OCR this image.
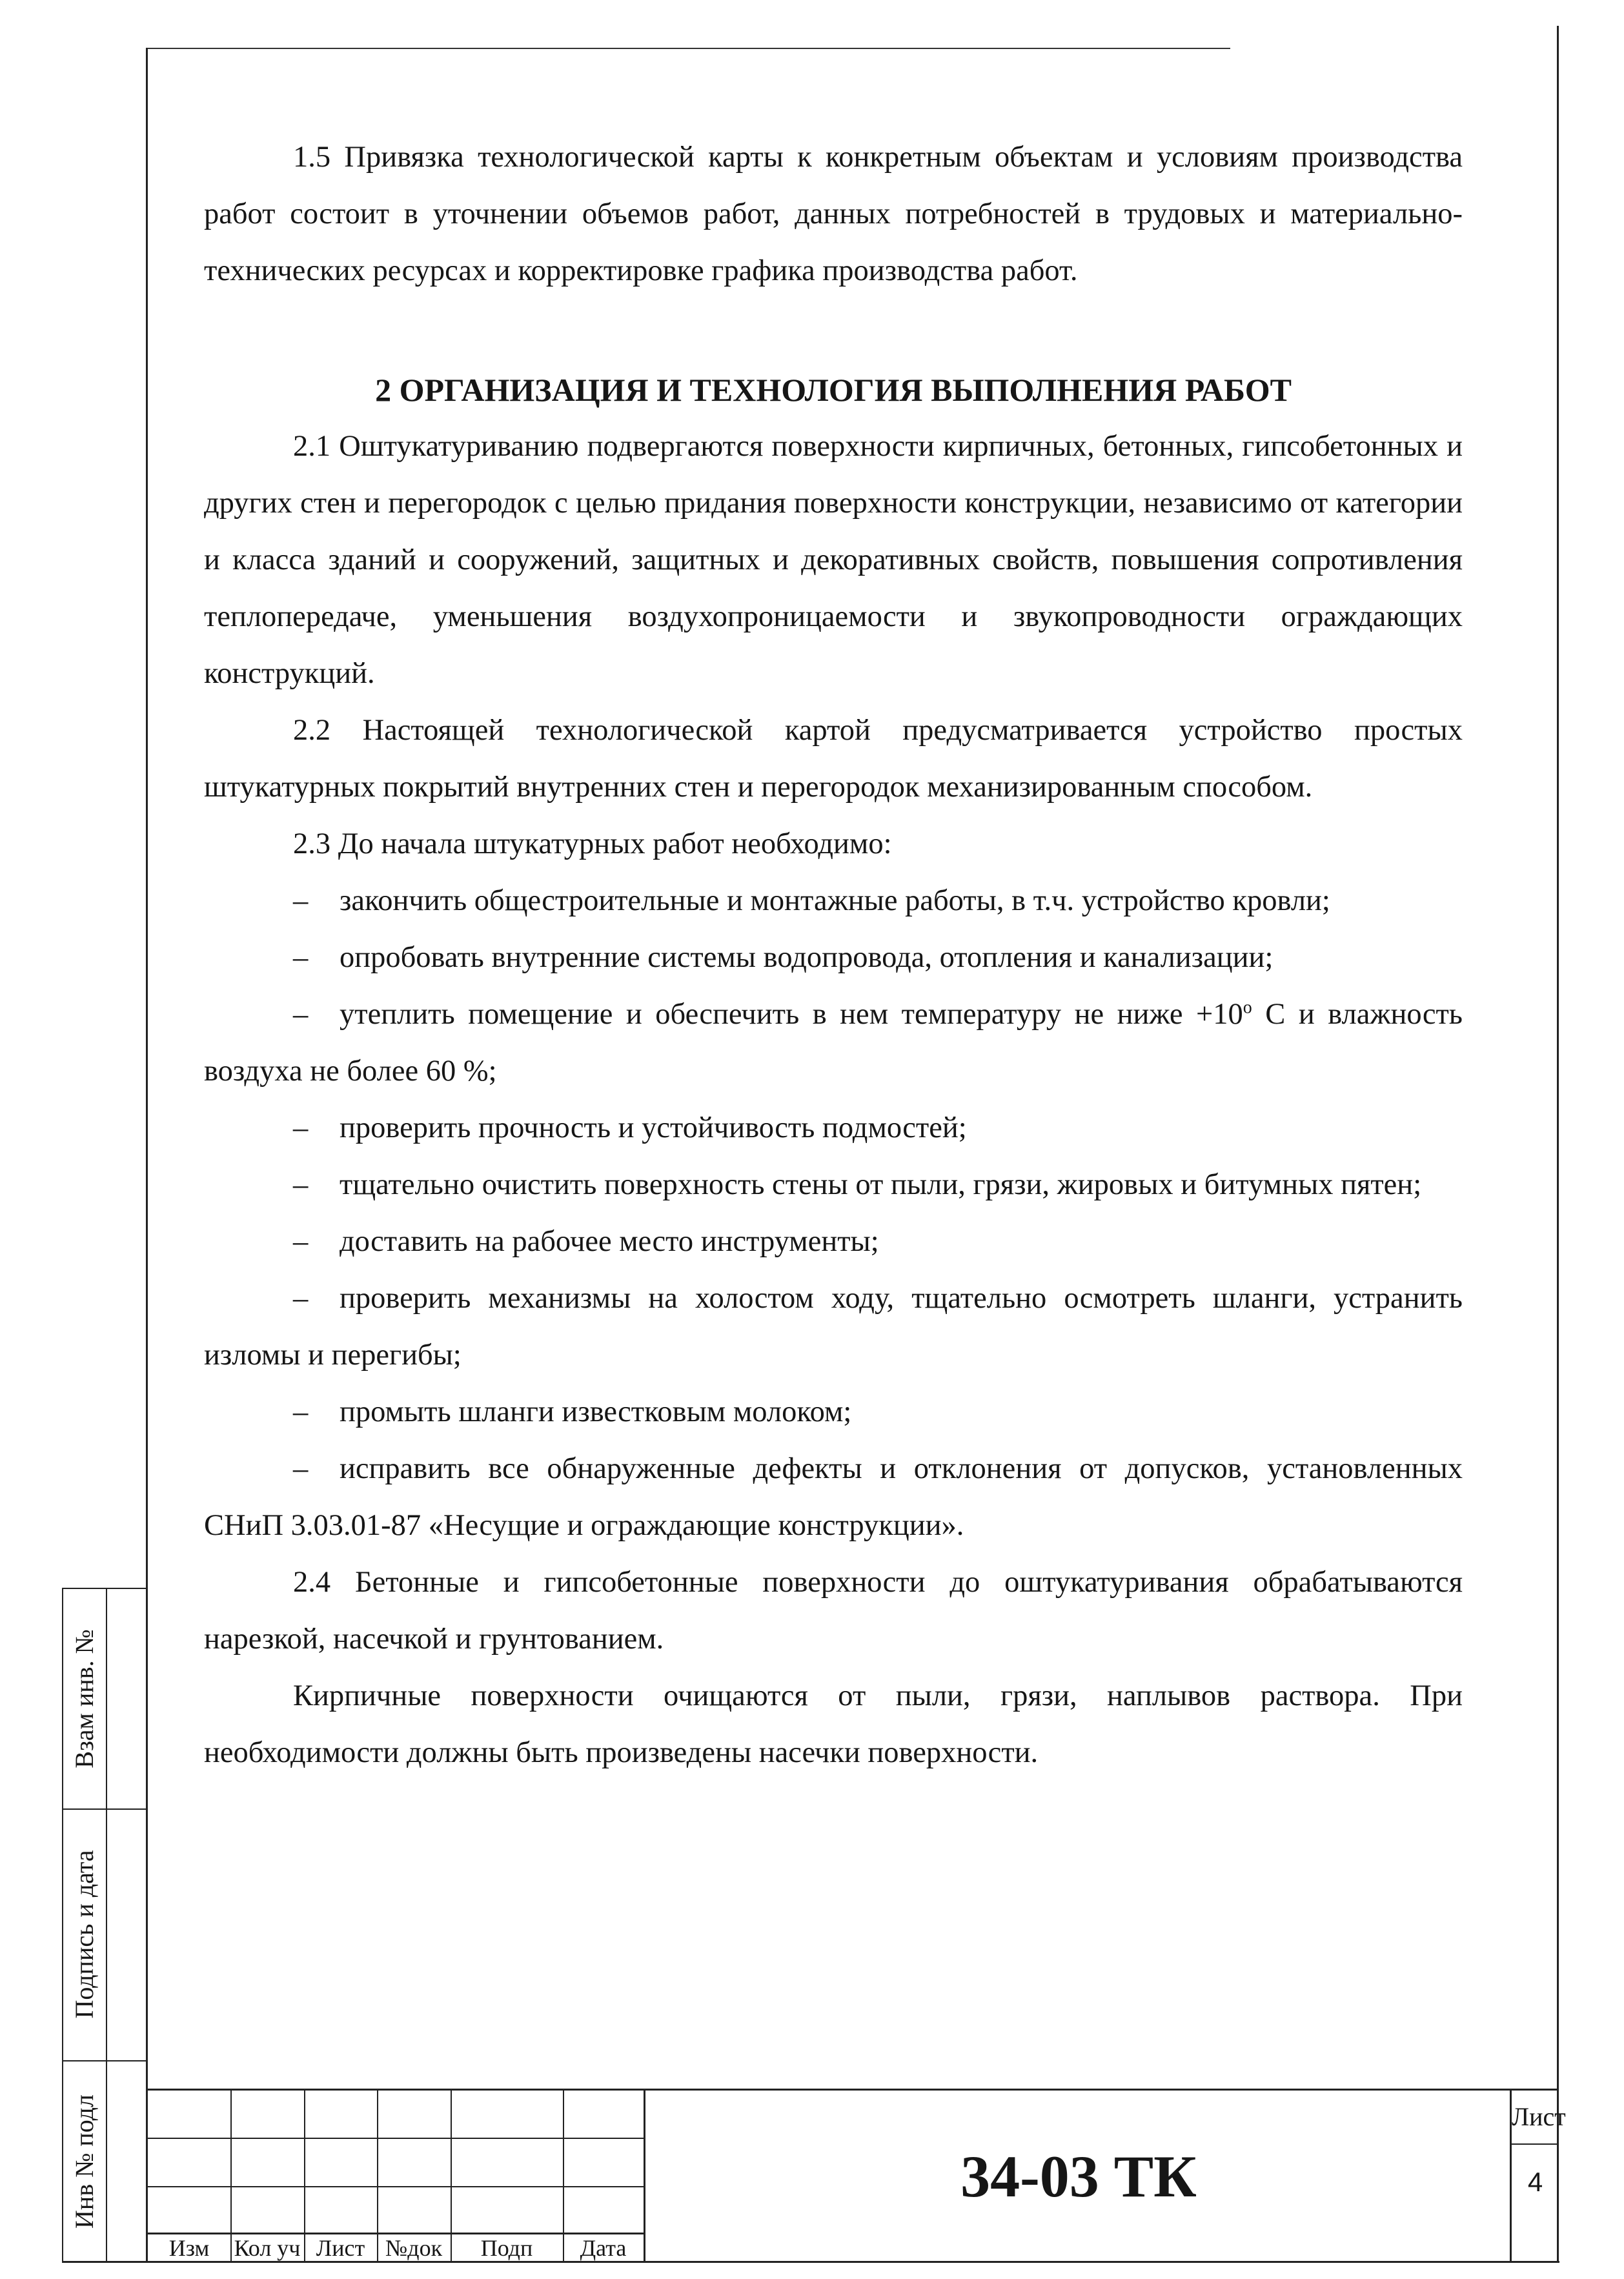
1.5 Привязка технологической карты к конкретным объектам и условиям производства работ состоит в уточнении объемов работ, данных потребностей в трудовых и материально-технических ресурсах и корректировке графика производства работ.

2 ОРГАНИЗАЦИЯ И ТЕХНОЛОГИЯ ВЫПОЛНЕНИЯ РАБОТ

2.1 Оштукатуриванию подвергаются поверхности кирпичных, бетонных, гипсобетонных и других стен и перегородок с целью придания поверхности конструкции, независимо от категории и класса зданий и сооружений, защитных и декоративных свойств, повышения сопротивления теплопередаче, уменьшения воздухопроницаемости и звукопроводности ограждающих конструкций.

2.2 Настоящей технологической картой предусматривается устройство простых штукатурных покрытий внутренних стен и перегородок механизированным способом.

2.3 До начала штукатурных работ необходимо:

– закончить общестроительные и монтажные работы, в т.ч. устройство кровли;

– опробовать внутренние системы водопровода, отопления и канализации;

– утеплить помещение и обеспечить в нем температуру не ниже $+10^о$ С и влажность воздуха не более 60 %;

– проверить прочность и устойчивость подмостей;

– тщательно очистить поверхность стены от пыли, грязи, жировых и битумных пятен;

– доставить на рабочее место инструменты;

– проверить механизмы на холостом ходу, тщательно осмотреть шланги, устранить изломы и перегибы;

– промыть шланги известковым молоком;

– исправить все обнаруженные дефекты и отклонения от допусков, установленных СНиП 3.03.01-87 «Несущие и ограждающие конструкции».

2.4 Бетонные и гипсобетонные поверхности до оштукатуривания обрабатываются нарезкой, насечкой и грунтованием.

Кирпичные поверхности очищаются от пыли, грязи, наплывов раствора. При необходимости должны быть произведены насечки поверхности.

Взам инв. №
Подпись и дата
Инв № подл
Изм	Кол уч Лист №док	Подп	Дата
34-03 ТК
Лист
4
